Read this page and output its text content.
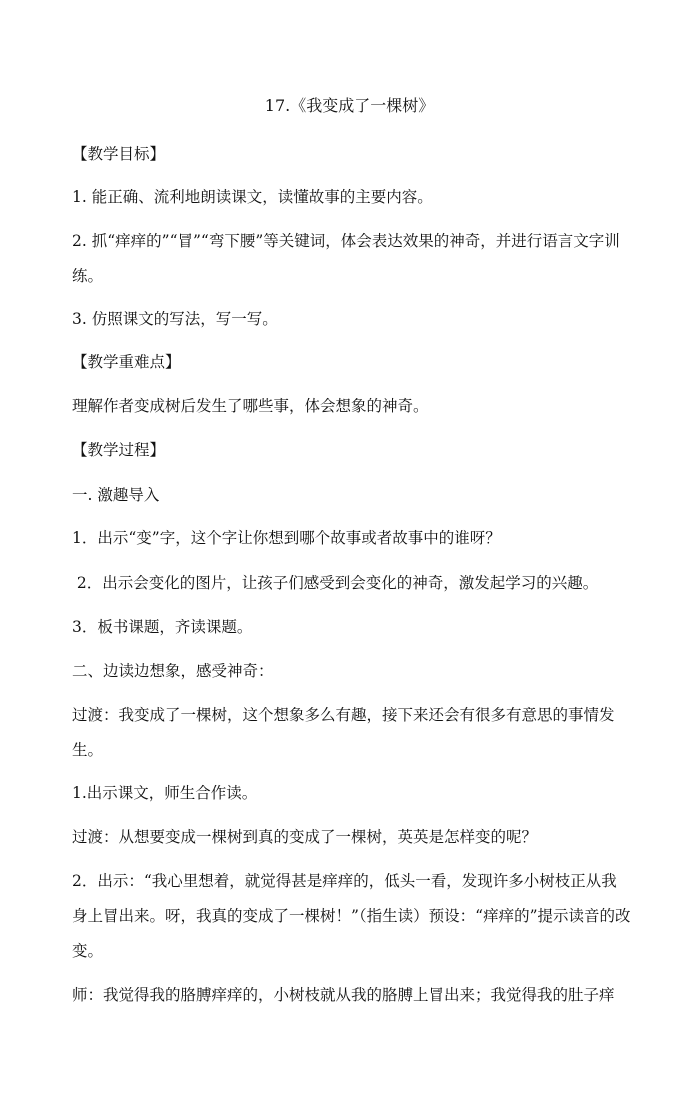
17.《我变成了一棵树》
【教学目标】
1. 能正确、流利地朗读课文，读懂故事的主要内容。
2. 抓“痒痒的”“冒”“弯下腰”等关键词，体会表达效果的神奇，并进行语言文字训练。
3. 仿照课文的写法，写一写。
【教学重难点】
理解作者变成树后发生了哪些事，体会想象的神奇。
【教学过程】
一. 激趣导入
1．出示“变”字，这个字让你想到哪个故事或者故事中的谁呀？
2．出示会变化的图片，让孩子们感受到会变化的神奇，激发起学习的兴趣。
3．板书课题，齐读课题。
二、边读边想象，感受神奇：
过渡：我变成了一棵树，这个想象多么有趣，接下来还会有很多有意思的事情发生。
1.出示课文，师生合作读。
过渡：从想要变成一棵树到真的变成了一棵树，英英是怎样变的呢？
2．出示：“我心里想着，就觉得甚是痒痒的，低头一看，发现许多小树枝正从我身上冒出来。呀，我真的变成了一棵树！”（指生读）预设：“痒痒的”提示读音的改变。
师：我觉得我的胳膊痒痒的，小树枝就从我的胳膊上冒出来；我觉得我的肚子痒
